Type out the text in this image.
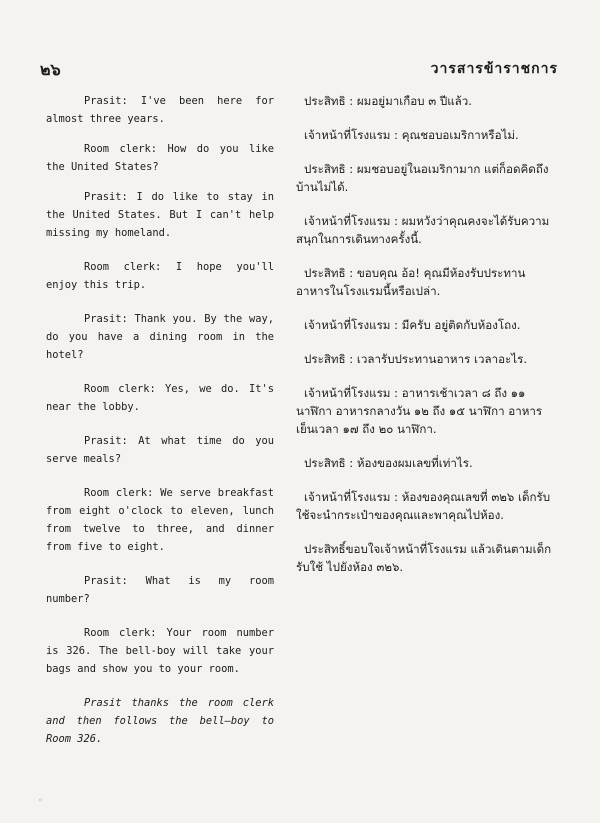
๒๖	วารสารข้าราชการ

Prasit: I've been here for almost three years.

Room clerk: How do you like the United States?

Prasit: I do like to stay in the United States. But I can't help missing my homeland.

Room clerk: I hope you'll enjoy this trip.

Prasit: Thank you. By the way, do you have a dining room in the hotel?

Room clerk: Yes, we do. It's near the lobby.

Prasit: At what time do you serve meals?

Room clerk: We serve breakfast from eight o'clock to eleven, lunch from twelve to three, and dinner from five to eight.

Prasit: What is my room number?

Room clerk: Your room number is 326. The bell-boy will take your bags and show you to your room.

Prasit thanks the room clerk and then follows the bell—boy to Room 326.

ประสิทธิ : ผมอยู่มาเกือบ ๓ ปีแล้ว.

เจ้าหน้าที่โรงแรม : คุณชอบอเมริกาหรือไม่.

ประสิทธิ : ผมชอบอยู่ในอเมริกามาก แต่ก็อดคิดถึงบ้านไม่ได้.

เจ้าหน้าที่โรงแรม : ผมหวังว่าคุณคงจะได้รับความสนุกในการเดินทางครั้งนี้.

ประสิทธิ : ขอบคุณ อ้อ! คุณมีห้องรับประทานอาหารในโรงแรมนี้หรือเปล่า.

เจ้าหน้าที่โรงแรม : มีครับ อยู่ติดกับห้องโถง.

ประสิทธิ : เวลารับประทานอาหาร เวลาอะไร.

เจ้าหน้าที่โรงแรม : อาหารเช้าเวลา ๘ ถึง ๑๑ นาฬิกา อาหารกลางวัน ๑๒ ถึง ๑๕ นาฬิกา อาหารเย็นเวลา ๑๗ ถึง ๒๐ นาฬิกา.

ประสิทธิ : ห้องของผมเลขที่เท่าไร.

เจ้าหน้าที่โรงแรม : ห้องของคุณเลขที่ ๓๒๖ เด็กรับใช้จะนำกระเป๋าของคุณและพาคุณไปห้อง.

ประสิทธิ์ขอบใจเจ้าหน้าที่โรงแรม แล้วเดินตามเด็กรับใช้ ไปยังห้อง ๓๒๖.

◦
